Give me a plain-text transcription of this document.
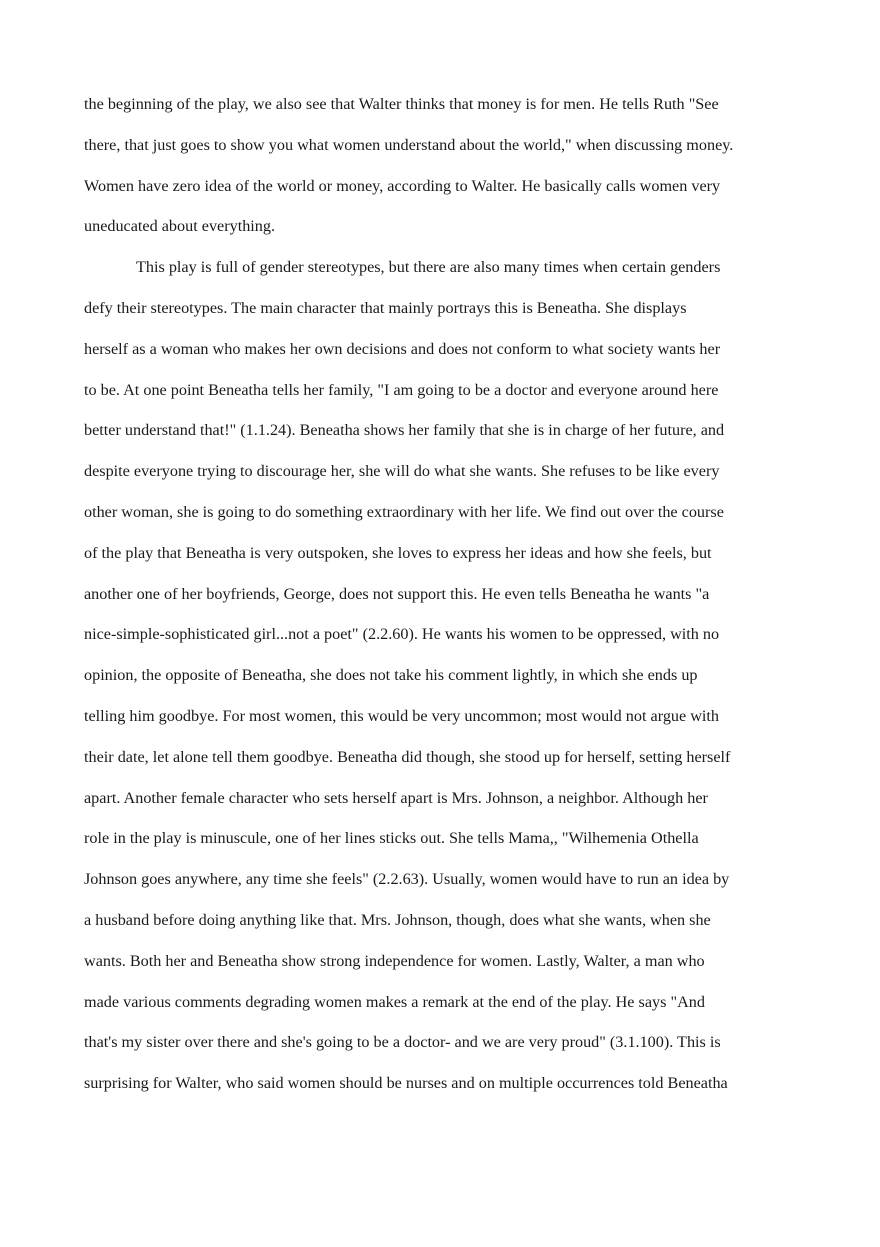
the beginning of the play, we also see that Walter thinks that money is for men. He tells Ruth "See
there, that just goes to show you what women understand about the world," when discussing money.
Women have zero idea of the world or money, according to Walter. He basically calls women very
uneducated about everything.
This play is full of gender stereotypes, but there are also many times when certain genders
defy their stereotypes. The main character that mainly portrays this is Beneatha. She displays
herself as a woman who makes her own decisions and does not conform to what society wants her
to be. At one point Beneatha tells her family, "I am going to be a doctor and everyone around here
better understand that!" (1.1.24). Beneatha shows her family that she is in charge of her future, and
despite everyone trying to discourage her, she will do what she wants. She refuses to be like every
other woman, she is going to do something extraordinary with her life. We find out over the course
of the play that Beneatha is very outspoken, she loves to express her ideas and how she feels, but
another one of her boyfriends, George, does not support this. He even tells Beneatha he wants "a
nice-simple-sophisticated girl...not a poet" (2.2.60). He wants his women to be oppressed, with no
opinion, the opposite of Beneatha, she does not take his comment lightly, in which she ends up
telling him goodbye. For most women, this would be very uncommon; most would not argue with
their date, let alone tell them goodbye. Beneatha did though, she stood up for herself, setting herself
apart. Another female character who sets herself apart is Mrs. Johnson, a neighbor. Although her
role in the play is minuscule, one of her lines sticks out. She tells Mama,, "Wilhemenia Othella
Johnson goes anywhere, any time she feels" (2.2.63). Usually, women would have to run an idea by
a husband before doing anything like that. Mrs. Johnson, though, does what she wants, when she
wants. Both her and Beneatha show strong independence for women. Lastly, Walter, a man who
made various comments degrading women makes a remark at the end of the play. He says "And
that's my sister over there and she's going to be a doctor- and we are very proud" (3.1.100). This is
surprising for Walter, who said women should be nurses and on multiple occurrences told Beneatha
